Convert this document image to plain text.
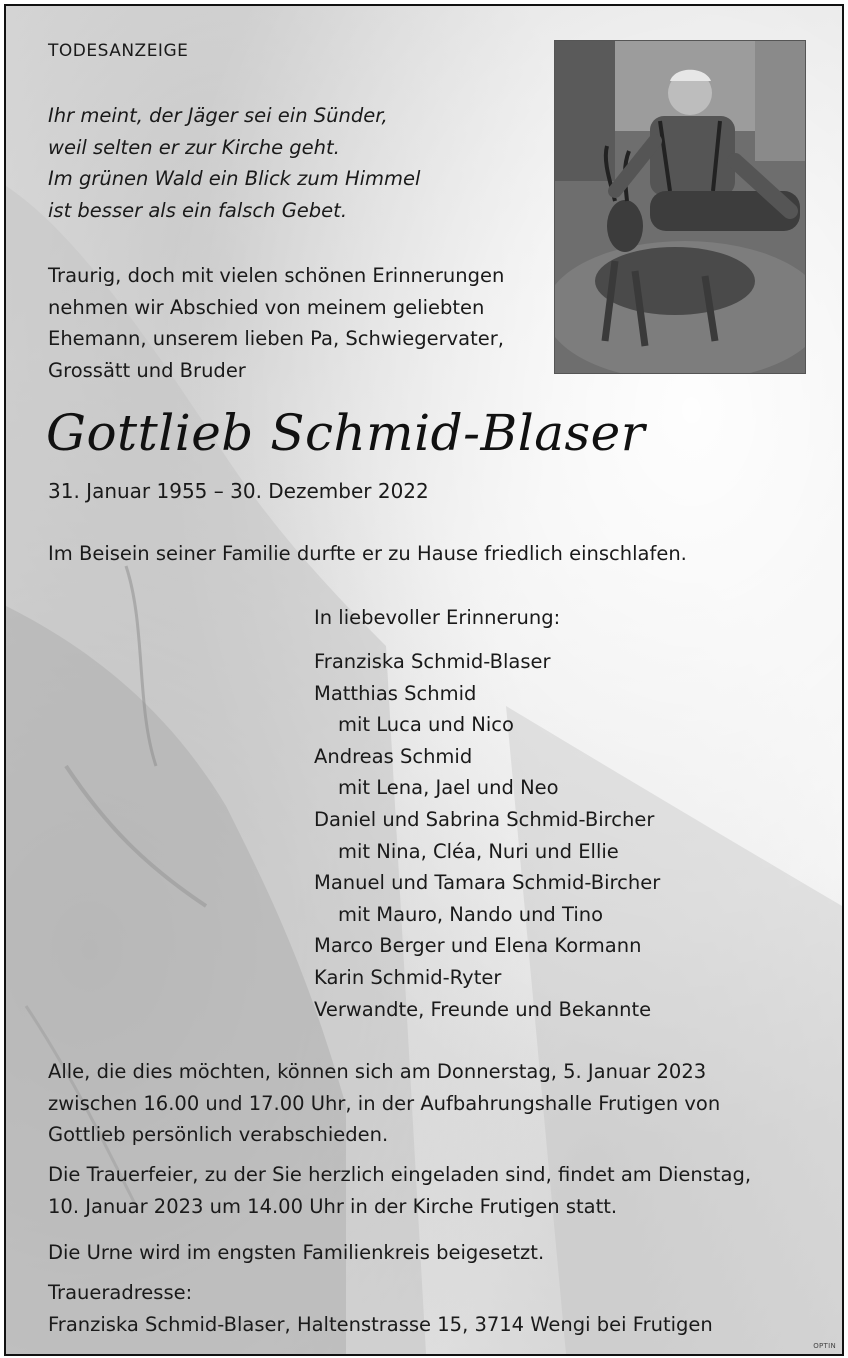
TODESANZEIGE
Ihr meint, der Jäger sei ein Sünder,
weil selten er zur Kirche geht.
Im grünen Wald ein Blick zum Himmel
ist besser als ein falsch Gebet.
Traurig, doch mit vielen schönen Erinnerungen
nehmen wir Abschied von meinem geliebten
Ehemann, unserem lieben Pa, Schwiegervater,
Grossätt und Bruder
Gottlieb Schmid-Blaser
31. Januar 1955 – 30. Dezember 2022
Im Beisein seiner Familie durfte er zu Hause friedlich einschlafen.
In liebevoller Erinnerung:
Franziska Schmid-Blaser
Matthias Schmid
mit Luca und Nico
Andreas Schmid
mit Lena, Jael und Neo
Daniel und Sabrina Schmid-Bircher
mit Nina, Cléa, Nuri und Ellie
Manuel und Tamara Schmid-Bircher
mit Mauro, Nando und Tino
Marco Berger und Elena Kormann
Karin Schmid-Ryter
Verwandte, Freunde und Bekannte
Alle, die dies möchten, können sich am Donnerstag, 5. Januar 2023
zwischen 16.00 und 17.00 Uhr, in der Aufbahrungshalle Frutigen von
Gottlieb persönlich verabschieden.
Die Trauerfeier, zu der Sie herzlich eingeladen sind, findet am Dienstag,
10. Januar 2023 um 14.00 Uhr in der Kirche Frutigen statt.
Die Urne wird im engsten Familienkreis beigesetzt.
Traueradresse:
Franziska Schmid-Blaser, Haltenstrasse 15, 3714 Wengi bei Frutigen
OPTIN
